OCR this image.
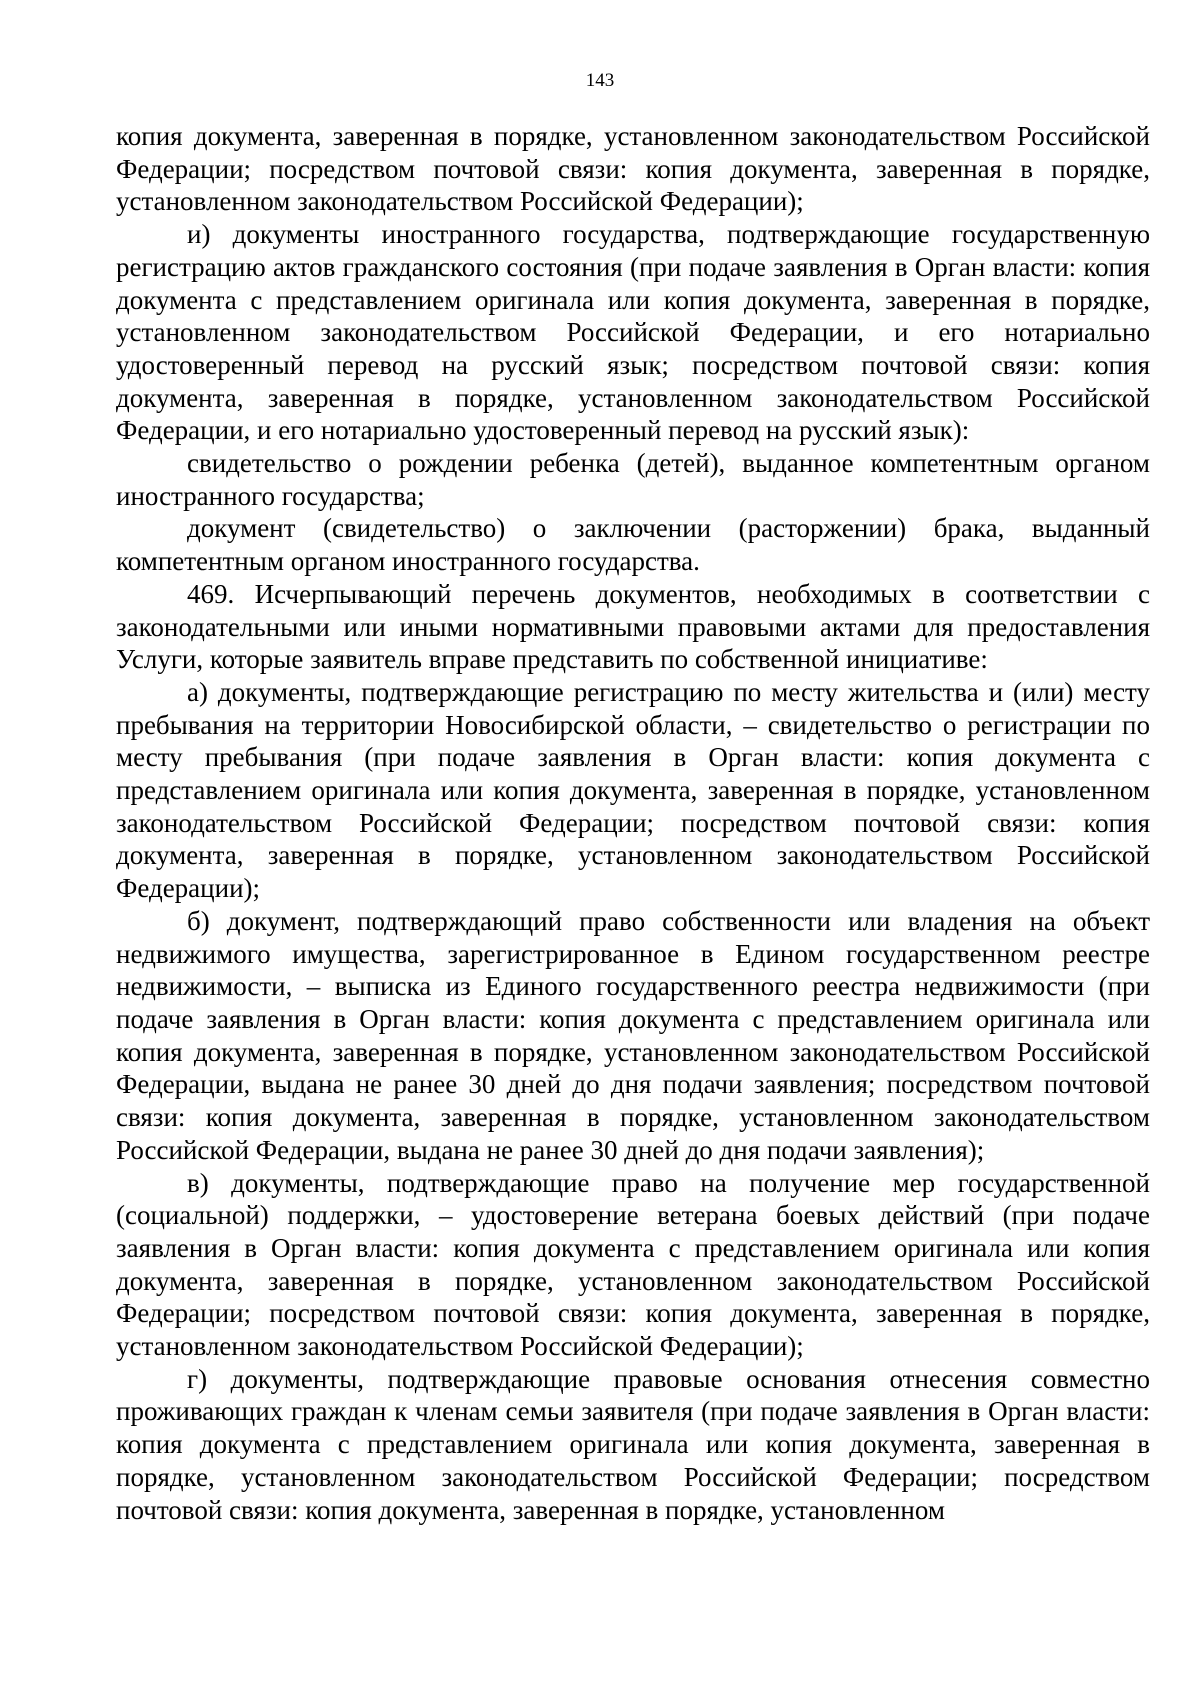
143

копия документа, заверенная в порядке, установленном законодательством Российской Федерации; посредством почтовой связи: копия документа, заверенная в порядке, установленном законодательством Российской Федерации);

и) документы иностранного государства, подтверждающие государственную регистрацию актов гражданского состояния (при подаче заявления в Орган власти: копия документа с представлением оригинала или копия документа, заверенная в порядке, установленном законодательством Российской Федерации, и его нотариально удостоверенный перевод на русский язык; посредством почтовой связи: копия документа, заверенная в порядке, установленном законодательством Российской Федерации, и его нотариально удостоверенный перевод на русский язык):

свидетельство о рождении ребенка (детей), выданное компетентным органом иностранного государства;

документ (свидетельство) о заключении (расторжении) брака, выданный компетентным органом иностранного государства.

469. Исчерпывающий перечень документов, необходимых в соответствии с законодательными или иными нормативными правовыми актами для предоставления Услуги, которые заявитель вправе представить по собственной инициативе:

а) документы, подтверждающие регистрацию по месту жительства и (или) месту пребывания на территории Новосибирской области, – свидетельство о регистрации по месту пребывания (при подаче заявления в Орган власти: копия документа с представлением оригинала или копия документа, заверенная в порядке, установленном законодательством Российской Федерации; посредством почтовой связи: копия документа, заверенная в порядке, установленном законодательством Российской Федерации);

б) документ, подтверждающий право собственности или владения на объект недвижимого имущества, зарегистрированное в Едином государственном реестре недвижимости, – выписка из Единого государственного реестра недвижимости (при подаче заявления в Орган власти: копия документа с представлением оригинала или копия документа, заверенная в порядке, установленном законодательством Российской Федерации, выдана не ранее 30 дней до дня подачи заявления; посредством почтовой связи: копия документа, заверенная в порядке, установленном законодательством Российской Федерации, выдана не ранее 30 дней до дня подачи заявления);

в) документы, подтверждающие право на получение мер государственной (социальной) поддержки, – удостоверение ветерана боевых действий (при подаче заявления в Орган власти: копия документа с представлением оригинала или копия документа, заверенная в порядке, установленном законодательством Российской Федерации; посредством почтовой связи: копия документа, заверенная в порядке, установленном законодательством Российской Федерации);

г) документы, подтверждающие правовые основания отнесения совместно проживающих граждан к членам семьи заявителя (при подаче заявления в Орган власти: копия документа с представлением оригинала или копия документа, заверенная в порядке, установленном законодательством Российской Федерации; посредством почтовой связи: копия документа, заверенная в порядке, установленном
